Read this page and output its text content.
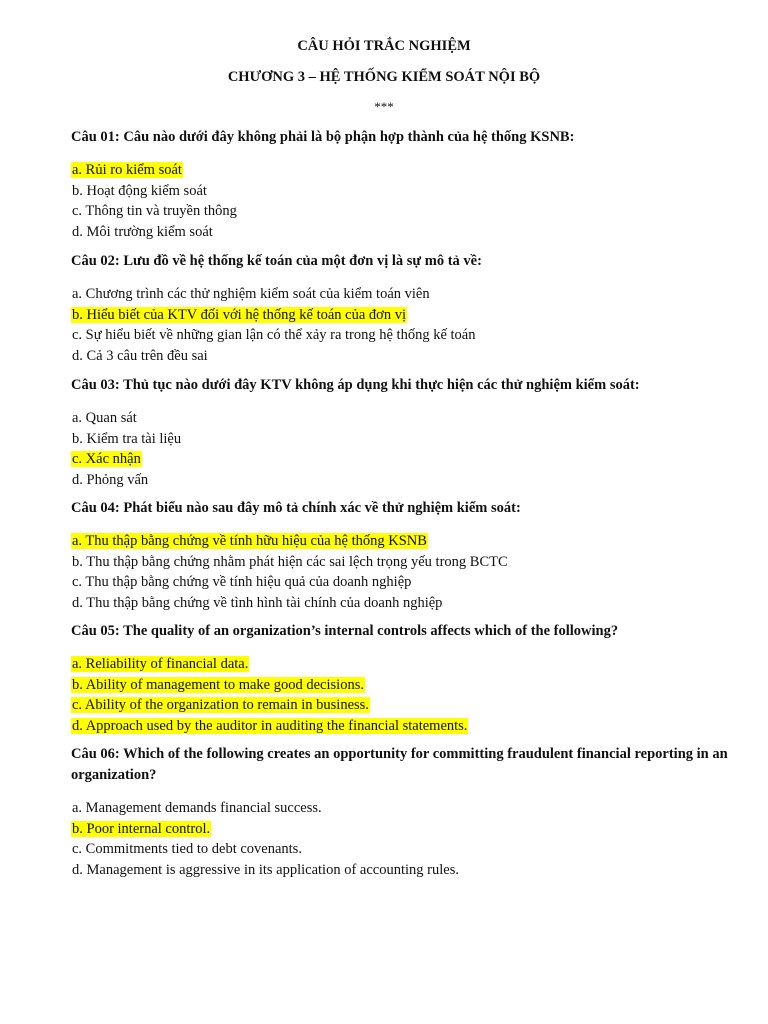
CÂU HỎI TRẮC NGHIỆM
CHƯƠNG 3 – HỆ THỐNG KIỂM SOÁT NỘI BỘ
***

Câu 01: Câu nào dưới đây không phải là bộ phận hợp thành của hệ thống KSNB:

a. Rủi ro kiểm soát
b. Hoạt động kiểm soát
c. Thông tin và truyền thông
d. Môi trường kiểm soát

Câu 02: Lưu đồ về hệ thống kế toán của một đơn vị là sự mô tả về:

a. Chương trình các thử nghiệm kiểm soát của kiểm toán viên
b. Hiểu biết của KTV đối với hệ thống kế toán của đơn vị
c. Sự hiểu biết về những gian lận có thể xảy ra trong hệ thống kế toán
d. Cả 3 câu trên đều sai

Câu 03: Thủ tục nào dưới đây KTV không áp dụng khi thực hiện các thử nghiệm kiểm soát:

a. Quan sát
b. Kiểm tra tài liệu
c. Xác nhận
d. Phỏng vấn

Câu 04: Phát biểu nào sau đây mô tả chính xác về thử nghiệm kiểm soát:

a. Thu thập bằng chứng về tính hữu hiệu của hệ thống KSNB
b. Thu thập bằng chứng nhằm phát hiện các sai lệch trọng yếu trong BCTC
c. Thu thập bằng chứng về tính hiệu quả của doanh nghiệp
d. Thu thập bằng chứng về tình hình tài chính của doanh nghiệp

Câu 05: The quality of an organization’s internal controls affects which of the following?

a. Reliability of financial data.
b. Ability of management to make good decisions.
c. Ability of the organization to remain in business.
d. Approach used by the auditor in auditing the financial statements.

Câu 06: Which of the following creates an opportunity for committing fraudulent financial reporting in an organization?

a. Management demands financial success.
b. Poor internal control.
c. Commitments tied to debt covenants.
d. Management is aggressive in its application of accounting rules.
